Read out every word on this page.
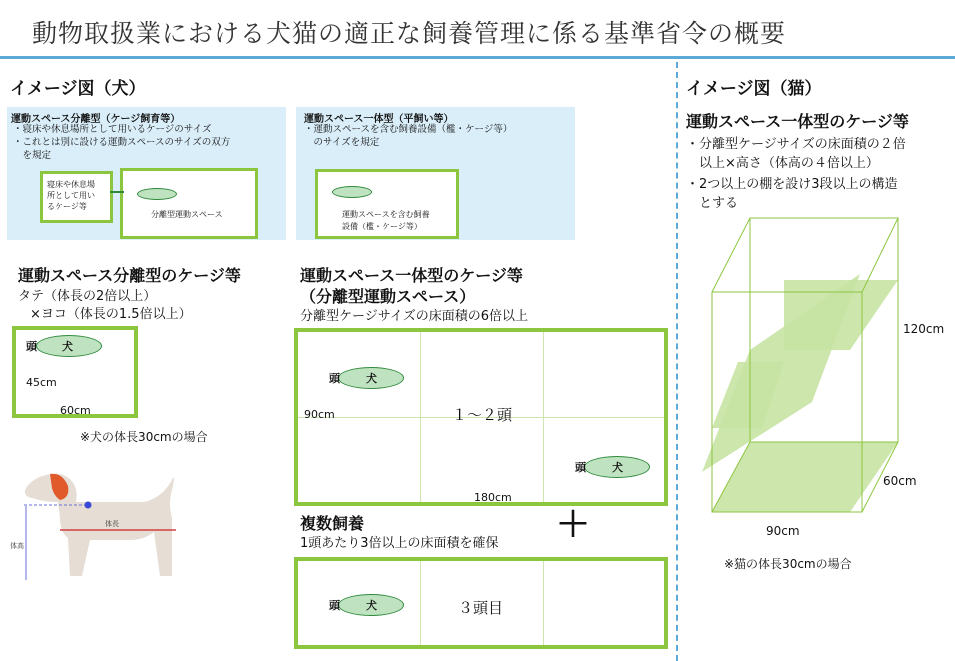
動物取扱業における犬猫の適正な飼養管理に係る基準省令の概要
イメージ図（犬）
運動スペース分離型（ケージ飼育等）
・寝床や休息場所として用いるケージのサイズ
・これとは別に設ける運動スペースのサイズの双方
　を規定
寝床や休息場
所として用い
るケージ等
分離型運動スペース
運動スペース一体型（平飼い等）
・運動スペースを含む飼養設備（檻・ケージ等）
　のサイズを規定
運動スペースを含む飼養
設備（檻・ケージ等）
運動スペース分離型のケージ等
タテ（体長の2倍以上）
×ヨコ（体長の1.5倍以上）
頭 犬
45cm
60cm
※犬の体長30cmの場合
体長
体高
運動スペース一体型のケージ等
（分離型運動スペース）
分離型ケージサイズの床面積の6倍以上
頭 犬
頭 犬
90cm	１～２頭
180cm
複数飼養
1頭あたり3倍以上の床面積を確保 ＋
頭 犬	３頭目
イメージ図（猫）
運動スペース一体型のケージ等
・分離型ケージサイズの床面積の２倍
　以上×高さ（体高の４倍以上）
・2つ以上の棚を設け3段以上の構造
　とする
120cm
60cm
90cm
※猫の体長30cmの場合
